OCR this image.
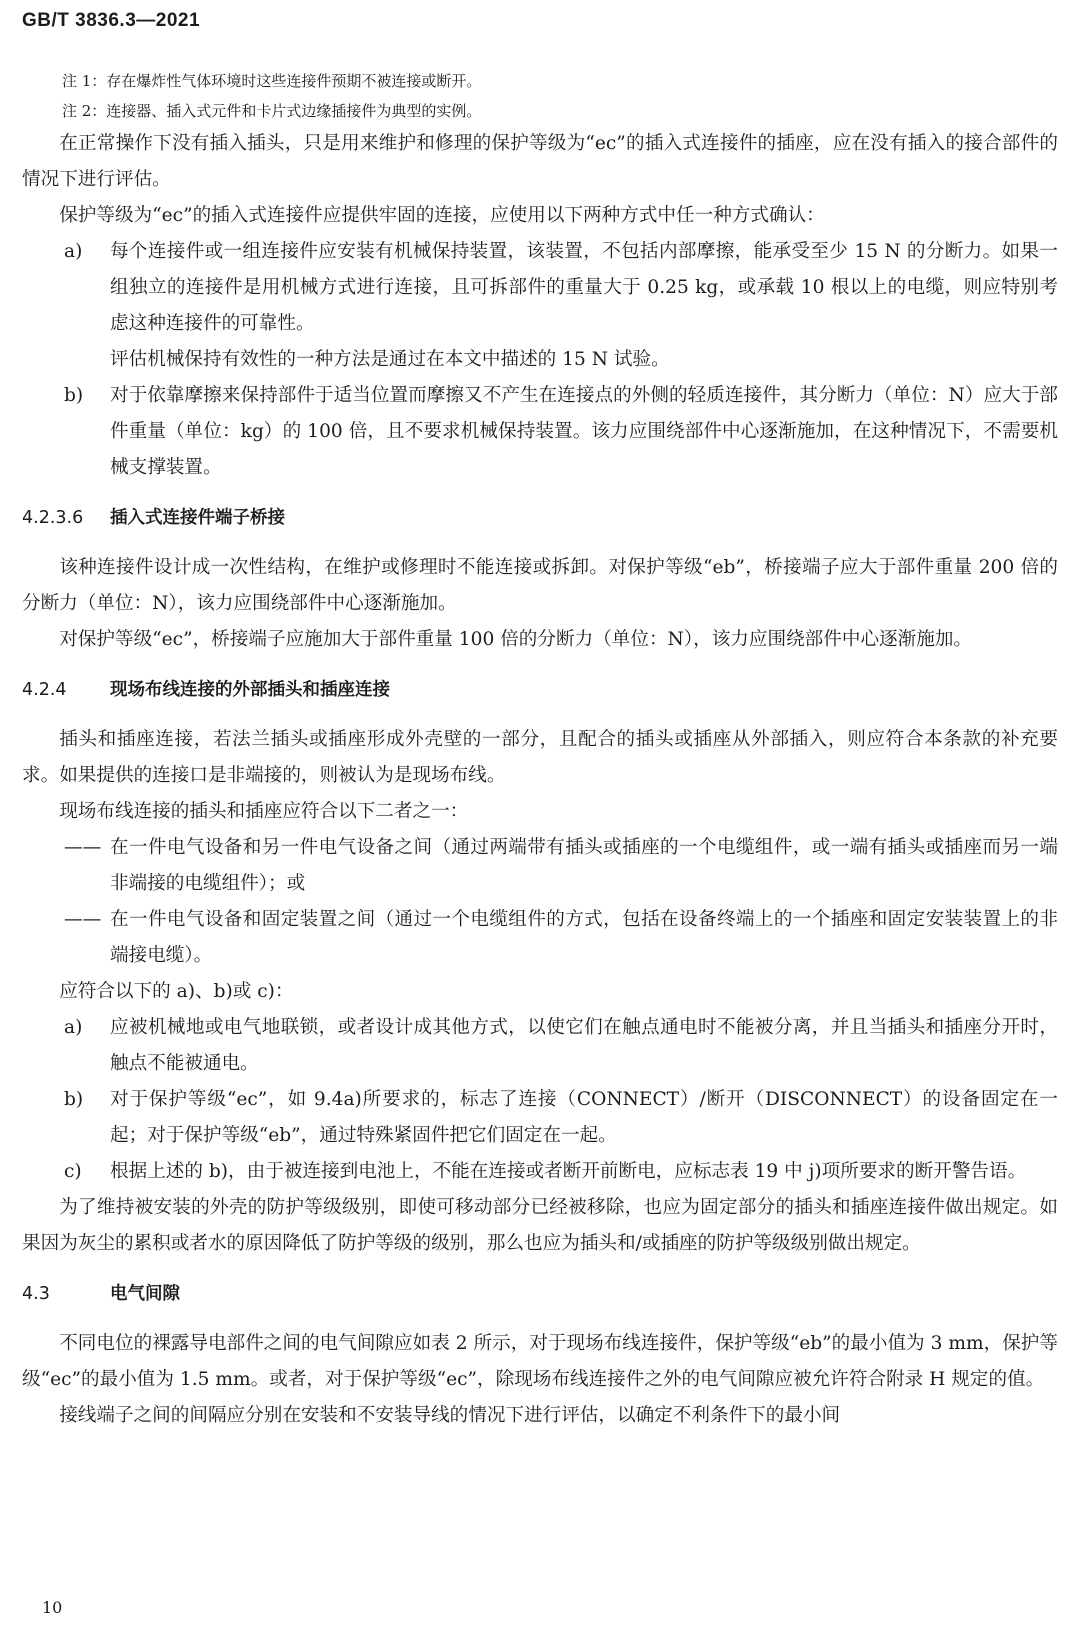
GB/T 3836.3—2021
注 1：存在爆炸性气体环境时这些连接件预期不被连接或断开。
注 2：连接器、插入式元件和卡片式边缘插接件为典型的实例。

在正常操作下没有插入插头，只是用来维护和修理的保护等级为“ec”的插入式连接件的插座，应在没有插入的接合部件的情况下进行评估。

保护等级为“ec”的插入式连接件应提供牢固的连接，应使用以下两种方式中任一种方式确认：

a) 每个连接件或一组连接件应安装有机械保持装置，该装置，不包括内部摩擦，能承受至少 15 N 的分断力。如果一组独立的连接件是用机械方式进行连接，且可拆部件的重量大于 0.25 kg，或承载 10 根以上的电缆，则应特别考虑这种连接件的可靠性。
评估机械保持有效性的一种方法是通过在本文中描述的 15 N 试验。
b) 对于依靠摩擦来保持部件于适当位置而摩擦又不产生在连接点的外侧的轻质连接件，其分断力（单位：N）应大于部件重量（单位：kg）的 100 倍，且不要求机械保持装置。该力应围绕部件中心逐渐施加，在这种情况下，不需要机械支撑装置。
4.2.3.6 插入式连接件端子桥接

该种连接件设计成一次性结构，在维护或修理时不能连接或拆卸。对保护等级“eb”，桥接端子应大于部件重量 200 倍的分断力（单位：N），该力应围绕部件中心逐渐施加。

对保护等级“ec”，桥接端子应施加大于部件重量 100 倍的分断力（单位：N），该力应围绕部件中心逐渐施加。

4.2.4 现场布线连接的外部插头和插座连接

插头和插座连接，若法兰插头或插座形成外壳壁的一部分，且配合的插头或插座从外部插入，则应符合本条款的补充要求。如果提供的连接口是非端接的，则被认为是现场布线。

现场布线连接的插头和插座应符合以下二者之一：

—— 在一件电气设备和另一件电气设备之间（通过两端带有插头或插座的一个电缆组件，或一端有插头或插座而另一端非端接的电缆组件）；或
—— 在一件电气设备和固定装置之间（通过一个电缆组件的方式，包括在设备终端上的一个插座和固定安装装置上的非端接电缆）。

应符合以下的 a)、b)或 c)：

a) 应被机械地或电气地联锁，或者设计成其他方式，以使它们在触点通电时不能被分离，并且当插头和插座分开时，触点不能被通电。
b) 对于保护等级“ec”，如 9.4a)所要求的，标志了连接（CONNECT）/断开（DISCONNECT）的设备固定在一起；对于保护等级“eb”，通过特殊紧固件把它们固定在一起。
c) 根据上述的 b)，由于被连接到电池上，不能在连接或者断开前断电，应标志表 19 中 j)项所要求的断开警告语。

为了维持被安装的外壳的防护等级级别，即使可移动部分已经被移除，也应为固定部分的插头和插座连接件做出规定。如果因为灰尘的累积或者水的原因降低了防护等级的级别，那么也应为插头和/或插座的防护等级级别做出规定。

4.3	电气间隙

不同电位的裸露导电部件之间的电气间隙应如表 2 所示，对于现场布线连接件，保护等级“eb”的最小值为 3 mm，保护等级“ec”的最小值为 1.5 mm。或者，对于保护等级“ec”，除现场布线连接件之外的电气间隙应被允许符合附录 H 规定的值。

接线端子之间的间隔应分别在安装和不安装导线的情况下进行评估，以确定不利条件下的最小间

10
